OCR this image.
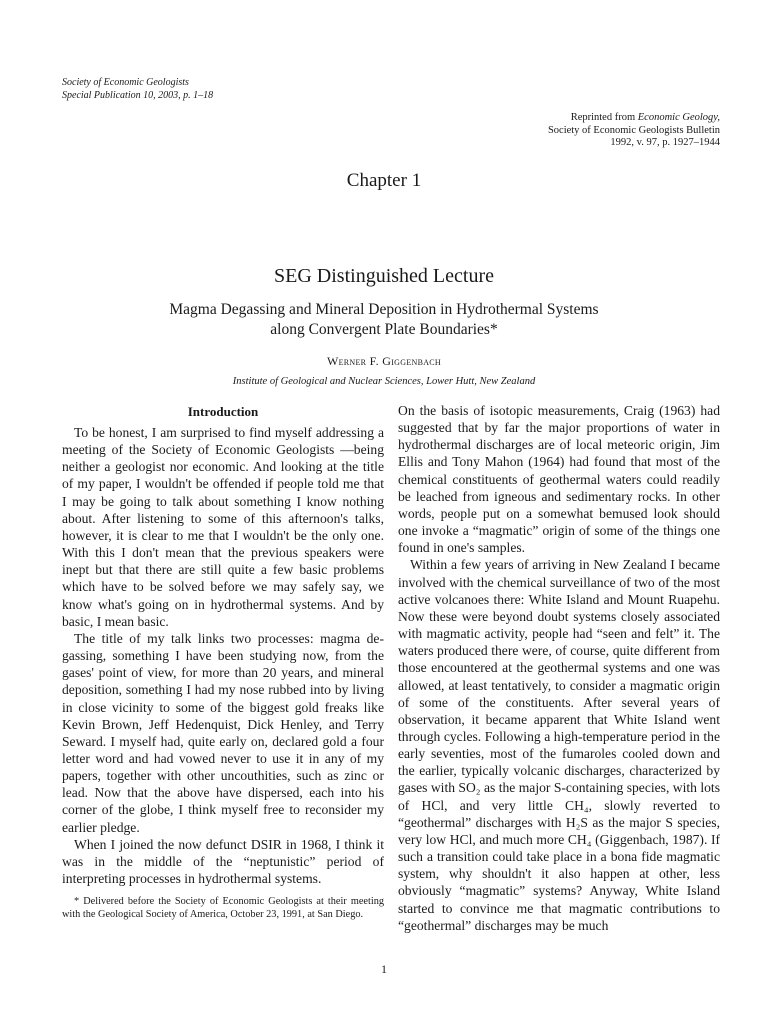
Society of Economic Geologists
Special Publication 10, 2003, p. 1–18
Reprinted from Economic Geology,
Society of Economic Geologists Bulletin
1992, v. 97, p. 1927–1944
Chapter 1
SEG Distinguished Lecture
Magma Degassing and Mineral Deposition in Hydrothermal Systems
along Convergent Plate Boundaries*
Werner F. Giggenbach
Institute of Geological and Nuclear Sciences, Lower Hutt, New Zealand
Introduction

To be honest, I am surprised to find myself addressing a meeting of the Society of Economic Geologists —being neither a geologist nor economic. And looking at the title of my paper, I wouldn't be offended if people told me that I may be going to talk about something I know nothing about. After listening to some of this afternoon's talks, however, it is clear to me that I wouldn't be the only one. With this I don't mean that the previous speakers were inept but that there are still quite a few basic problems which have to be solved before we may safely say, we know what's going on in hydrothermal systems. And by basic, I mean basic.

The title of my talk links two processes: magma degassing, something I have been studying now, from the gases' point of view, for more than 20 years, and mineral deposition, something I had my nose rubbed into by living in close vicinity to some of the biggest gold freaks like Kevin Brown, Jeff Hedenquist, Dick Henley, and Terry Seward. I myself had, quite early on, declared gold a four letter word and had vowed never to use it in any of my papers, together with other uncouthities, such as zinc or lead. Now that the above have dispersed, each into his corner of the globe, I think myself free to reconsider my earlier pledge.

When I joined the now defunct DSIR in 1968, I think it was in the middle of the “neptunistic” period of interpreting processes in hydrothermal systems.

On the basis of isotopic measurements, Craig (1963) had suggested that by far the major proportions of water in hydrothermal discharges are of local meteoric origin, Jim Ellis and Tony Mahon (1964) had found that most of the chemical constituents of geothermal waters could readily be leached from igneous and sedimentary rocks. In other words, people put on a somewhat bemused look should one invoke a “magmatic” origin of some of the things one found in one's samples.

Within a few years of arriving in New Zealand I became involved with the chemical surveillance of two of the most active volcanoes there: White Island and Mount Ruapehu. Now these were beyond doubt systems closely associated with magmatic activity, people had “seen and felt” it. The waters produced there were, of course, quite different from those encountered at the geothermal systems and one was allowed, at least tentatively, to consider a magmatic origin of some of the constituents. After several years of observation, it became apparent that White Island went through cycles. Following a high-temperature period in the early seventies, most of the fumaroles cooled down and the earlier, typically volcanic discharges, characterized by gases with SO₂ as the major S-containing species, with lots of HCl, and very little CH₄, slowly reverted to “geothermal” discharges with H₂S as the major S species, very low HCl, and much more CH₄ (Giggenbach, 1987). If such a transition could take place in a bona fide magmatic system, why shouldn't it also happen at other, less obviously “magmatic” systems? Anyway, White Island started to convince me that magmatic contributions to “geothermal” discharges may be much

* Delivered before the Society of Economic Geologists at their meeting with the Geological Society of America, October 23, 1991, at San Diego.

1
